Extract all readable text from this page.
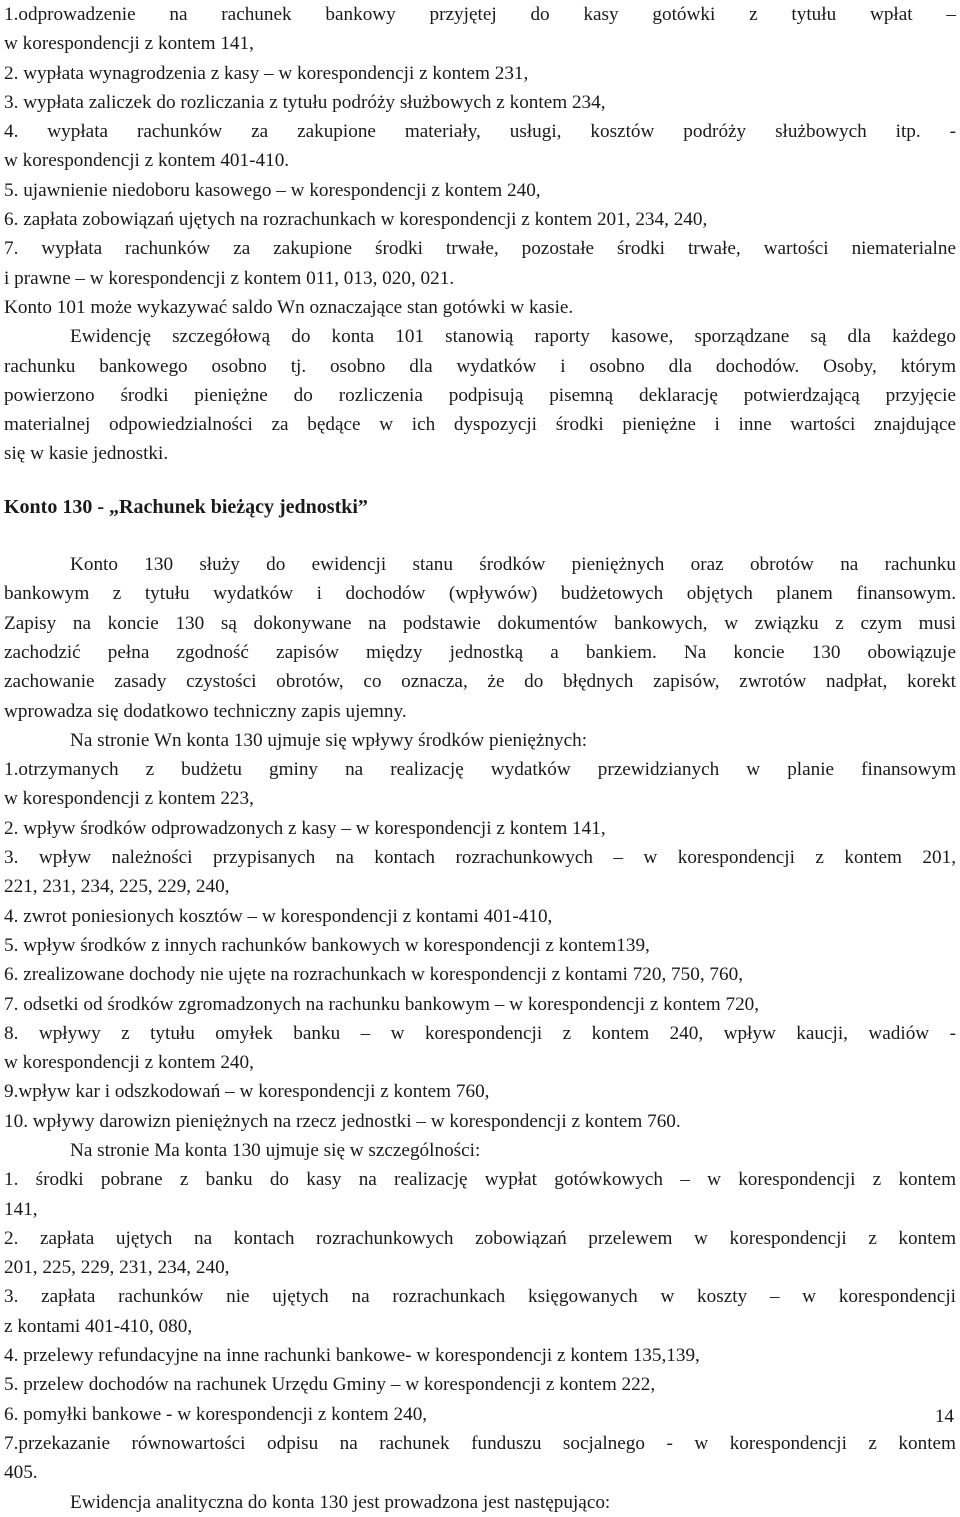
1.odprowadzenie na rachunek bankowy przyjętej do kasy gotówki z tytułu wpłat –
w korespondencji z kontem 141,
2. wypłata wynagrodzenia z kasy – w korespondencji z kontem 231,
3. wypłata zaliczek do rozliczania z tytułu podróży służbowych z kontem 234,
4. wypłata rachunków za zakupione materiały, usługi, kosztów podróży służbowych itp. -
w korespondencji z kontem 401-410.
5. ujawnienie niedoboru kasowego – w korespondencji z kontem 240,
6. zapłata zobowiązań ujętych na rozrachunkach w korespondencji z kontem 201, 234, 240,
7. wypłata rachunków za zakupione środki trwałe, pozostałe środki trwałe, wartości niematerialne
i prawne – w korespondencji z kontem 011, 013, 020, 021.
Konto 101 może wykazywać saldo Wn oznaczające stan gotówki w kasie.
Ewidencję szczegółową do konta 101 stanowią raporty kasowe, sporządzane są dla każdego
rachunku bankowego osobno tj. osobno dla wydatków i osobno dla dochodów. Osoby, którym
powierzono środki pieniężne do rozliczenia podpisują pisemną deklarację potwierdzającą przyjęcie
materialnej odpowiedzialności za będące w ich dyspozycji środki pieniężne i inne wartości znajdujące
się w kasie jednostki.
Konto 130 - „Rachunek bieżący jednostki”
Konto 130 służy do ewidencji stanu środków pieniężnych oraz obrotów na rachunku
bankowym z tytułu wydatków i dochodów (wpływów) budżetowych objętych planem finansowym.
Zapisy na koncie 130 są dokonywane na podstawie dokumentów bankowych, w związku z czym musi
zachodzić pełna zgodność zapisów między jednostką a bankiem. Na koncie 130 obowiązuje
zachowanie zasady czystości obrotów, co oznacza, że do błędnych zapisów, zwrotów nadpłat, korekt
wprowadza się dodatkowo techniczny zapis ujemny.
Na stronie Wn konta 130 ujmuje się wpływy środków pieniężnych:
1.otrzymanych z budżetu gminy na realizację wydatków przewidzianych w planie finansowym
w korespondencji z kontem 223,
2. wpływ środków odprowadzonych z kasy – w korespondencji z kontem 141,
3. wpływ należności przypisanych na kontach rozrachunkowych – w korespondencji z kontem 201,
221, 231, 234, 225, 229, 240,
4. zwrot poniesionych kosztów – w korespondencji z kontami 401-410,
5. wpływ środków z innych rachunków bankowych w korespondencji z kontem139,
6. zrealizowane dochody nie ujęte na rozrachunkach w korespondencji z kontami 720, 750, 760,
7. odsetki od środków zgromadzonych na rachunku bankowym – w korespondencji z kontem 720,
8. wpływy z tytułu omyłek banku – w korespondencji z kontem 240, wpływ kaucji, wadiów -
w korespondencji z kontem 240,
9.wpływ kar i odszkodowań – w korespondencji z kontem 760,
10. wpływy darowizn pieniężnych na rzecz jednostki – w korespondencji z kontem 760.
Na stronie Ma konta 130 ujmuje się w szczególności:
1. środki pobrane z banku do kasy na realizację wypłat gotówkowych – w korespondencji z kontem
141,
2. zapłata ujętych na kontach rozrachunkowych zobowiązań przelewem w korespondencji z kontem
201, 225, 229, 231, 234, 240,
3. zapłata rachunków nie ujętych na rozrachunkach księgowanych w koszty – w korespondencji
z kontami 401-410, 080,
4. przelewy refundacyjne na inne rachunki bankowe- w korespondencji z kontem 135,139,
5. przelew dochodów na rachunek Urzędu Gminy – w korespondencji z kontem 222,
6. pomyłki bankowe - w korespondencji z kontem 240,
7.przekazanie równowartości odpisu na rachunek funduszu socjalnego - w korespondencji z kontem
405.
Ewidencja analityczna do konta 130 jest prowadzona jest następująco:
14
